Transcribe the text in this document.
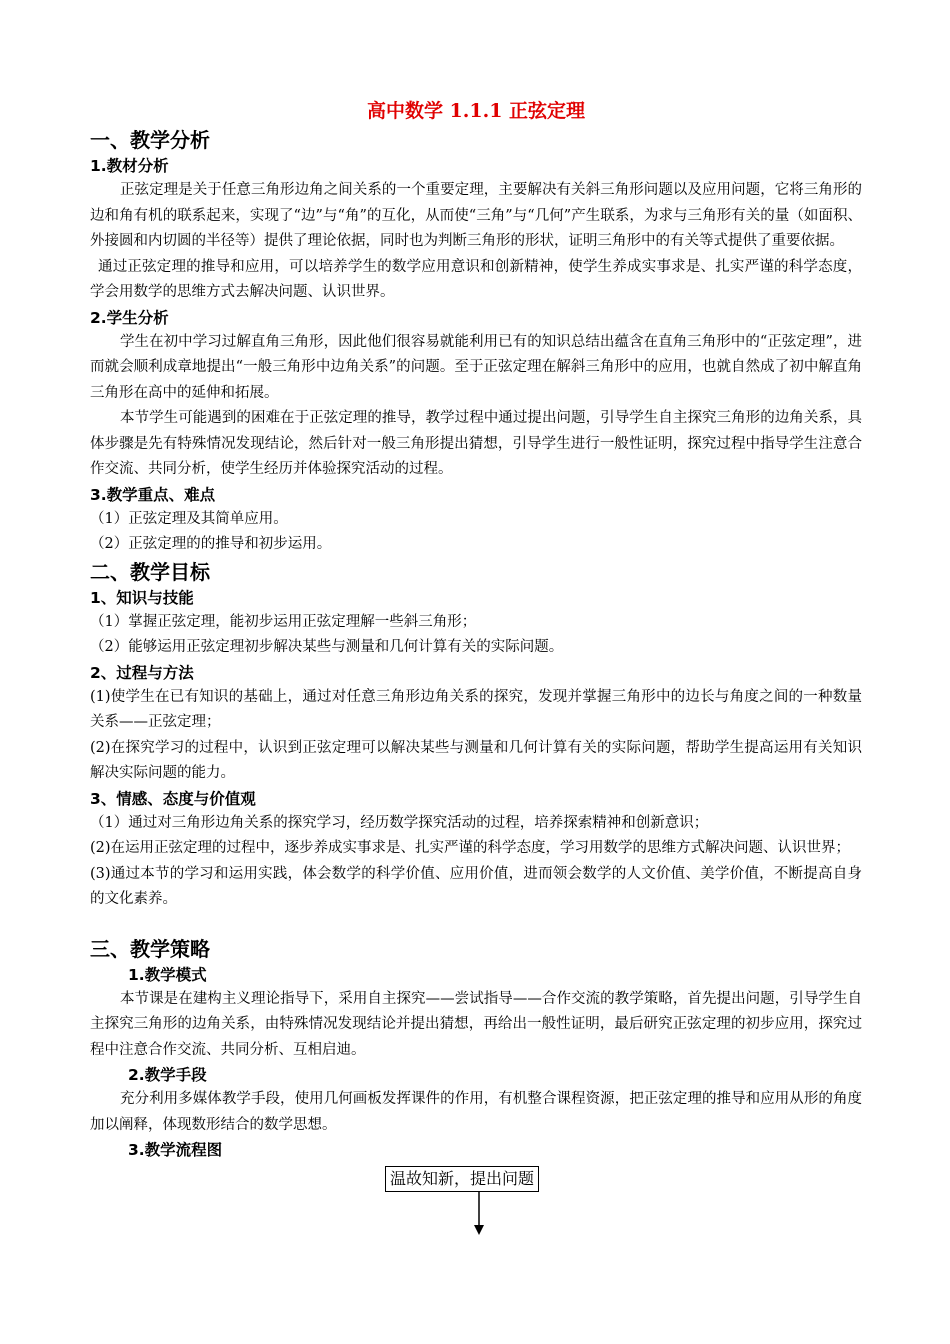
高中数学 1.1.1 正弦定理
一、教学分析
1.教材分析

正弦定理是关于任意三角形边角之间关系的一个重要定理，主要解决有关斜三角形问题以及应用问题，它将三角形的边和角有机的联系起来，实现了“边”与“角”的互化，从而使“三角”与“几何”产生联系，为求与三角形有关的量（如面积、外接圆和内切圆的半径等）提供了理论依据，同时也为判断三角形的形状，证明三角形中的有关等式提供了重要依据。

通过正弦定理的推导和应用，可以培养学生的数学应用意识和创新精神，使学生养成实事求是、扎实严谨的科学态度，学会用数学的思维方式去解决问题、认识世界。

2.学生分析

学生在初中学习过解直角三角形，因此他们很容易就能利用已有的知识总结出蕴含在直角三角形中的“正弦定理”，进而就会顺利成章地提出“一般三角形中边角关系”的问题。至于正弦定理在解斜三角形中的应用，也就自然成了初中解直角三角形在高中的延伸和拓展。

本节学生可能遇到的困难在于正弦定理的推导，教学过程中通过提出问题，引导学生自主探究三角形的边角关系，具体步骤是先有特殊情况发现结论，然后针对一般三角形提出猜想，引导学生进行一般性证明，探究过程中指导学生注意合作交流、共同分析，使学生经历并体验探究活动的过程。

3.教学重点、难点

（1）正弦定理及其简单应用。

（2）正弦定理的的推导和初步运用。

二、教学目标
1、知识与技能

（1）掌握正弦定理，能初步运用正弦定理解一些斜三角形；

（2）能够运用正弦定理初步解决某些与测量和几何计算有关的实际问题。

2、过程与方法

(1)使学生在已有知识的基础上，通过对任意三角形边角关系的探究，发现并掌握三角形中的边长与角度之间的一种数量关系——正弦定理；

(2)在探究学习的过程中，认识到正弦定理可以解决某些与测量和几何计算有关的实际问题，帮助学生提高运用有关知识解决实际问题的能力。

3、情感、态度与价值观

（1）通过对三角形边角关系的探究学习，经历数学探究活动的过程，培养探索精神和创新意识；

(2)在运用正弦定理的过程中，逐步养成实事求是、扎实严谨的科学态度，学习用数学的思维方式解决问题、认识世界；

(3)通过本节的学习和运用实践，体会数学的科学价值、应用价值，进而领会数学的人文价值、美学价值，不断提高自身的文化素养。

三、教学策略
1.教学模式

本节课是在建构主义理论指导下，采用自主探究——尝试指导——合作交流的教学策略，首先提出问题，引导学生自主探究三角形的边角关系，由特殊情况发现结论并提出猜想，再给出一般性证明，最后研究正弦定理的初步应用，探究过程中注意合作交流、共同分析、互相启迪。

2.教学手段

充分利用多媒体教学手段，使用几何画板发挥课件的作用，有机整合课程资源，把正弦定理的推导和应用从形的角度加以阐释，体现数形结合的数学思想。

3.教学流程图
温故知新，提出问题
